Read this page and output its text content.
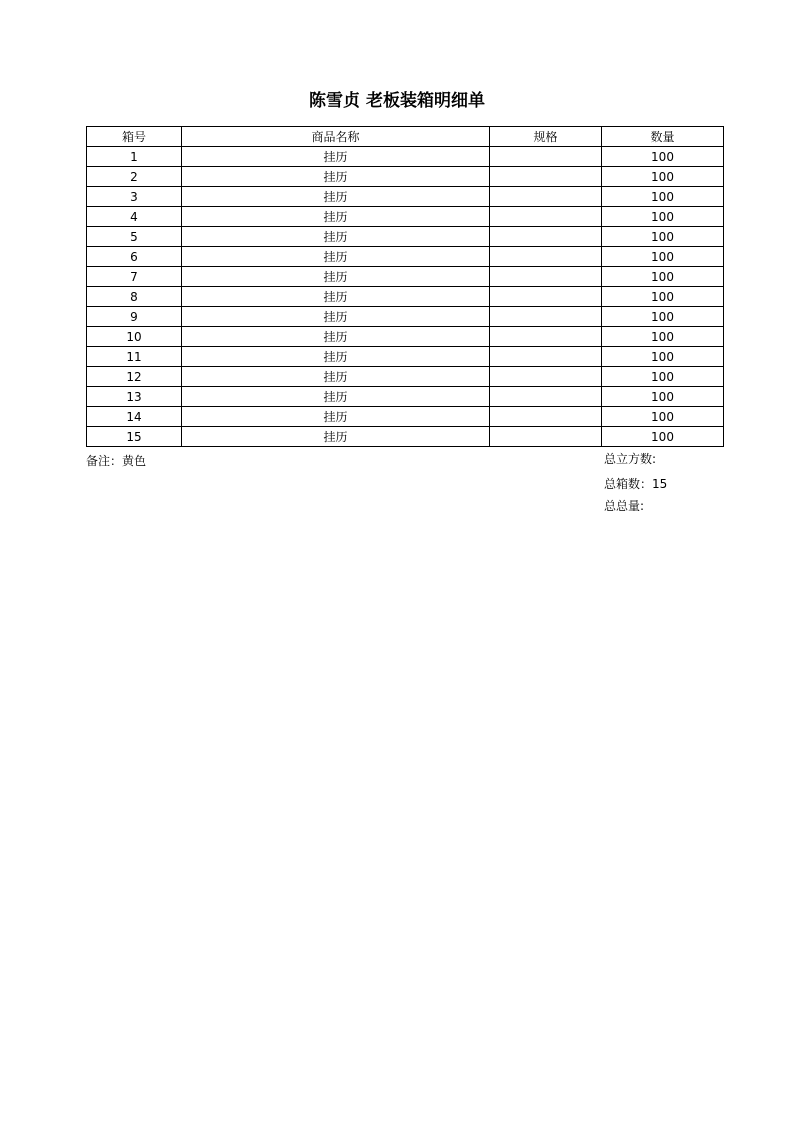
陈雪贞 老板装箱明细单
箱号	商品名称	规格	数量
1	挂历		100
2	挂历		100
3	挂历		100
4	挂历		100
5	挂历		100
6	挂历		100
7	挂历		100
8	挂历		100
9	挂历		100
10	挂历		100
11	挂历		100
12	挂历		100
13	挂历		100
14	挂历		100
15	挂历		100
备注：黄色	总立方数:
总箱数：15
总总量:
